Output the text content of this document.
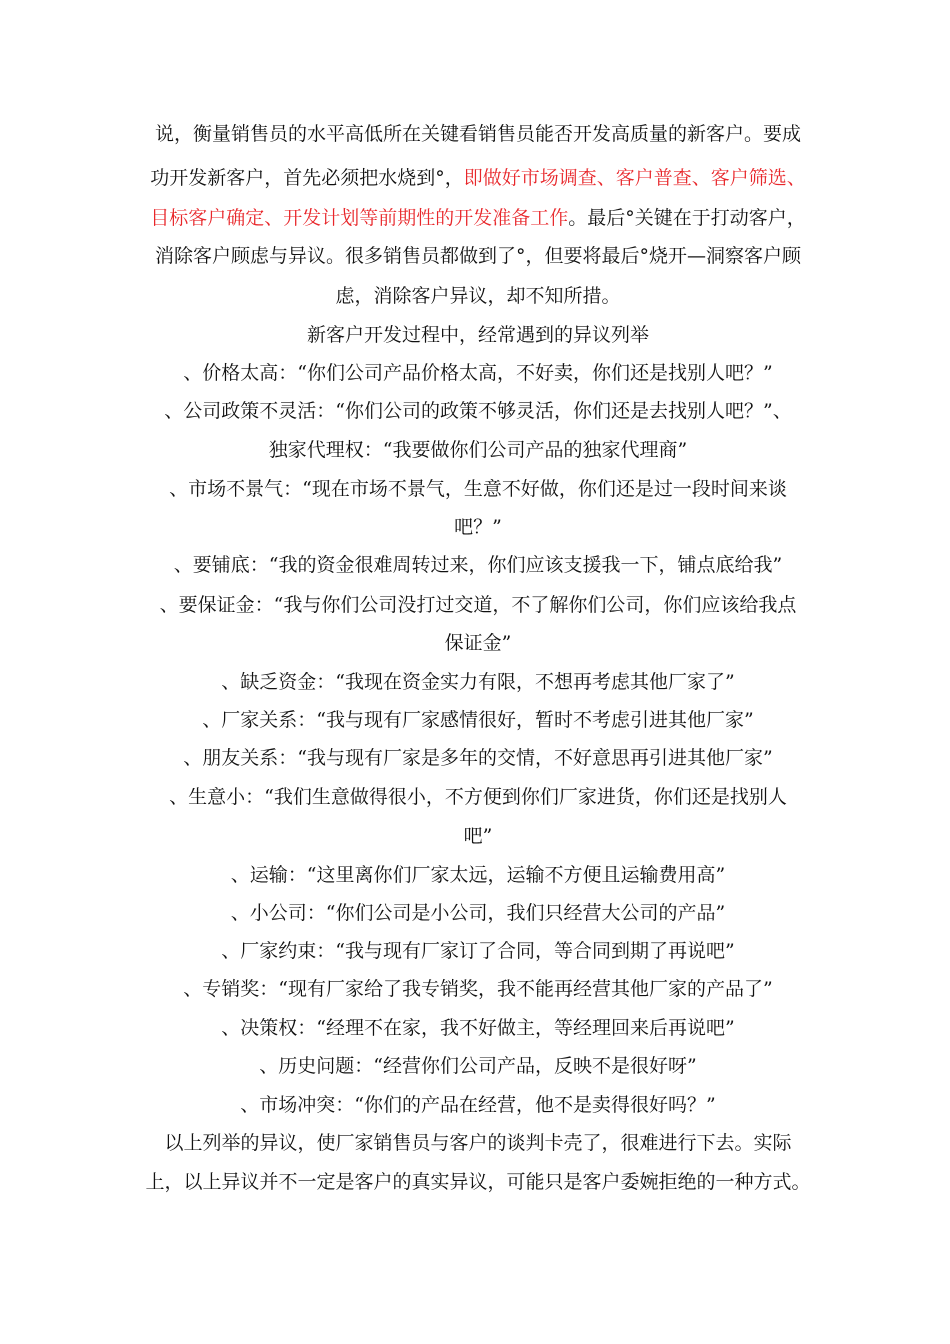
说，衡量销售员的水平高低所在关键看销售员能否开发高质量的新客户。要成
功开发新客户，首先必须把水烧到°，即做好市场调查、客户普查、客户筛选、
目标客户确定、开发计划等前期性的开发准备工作。最后°关键在于打动客户，
消除客户顾虑与异议。很多销售员都做到了°，但要将最后°烧开—洞察客户顾
虑，消除客户异议，却不知所措。
新客户开发过程中，经常遇到的异议列举
、价格太高：“你们公司产品价格太高，不好卖，你们还是找别人吧？”
、公司政策不灵活：“你们公司的政策不够灵活，你们还是去找别人吧？”、
独家代理权：“我要做你们公司产品的独家代理商”
、市场不景气：“现在市场不景气，生意不好做，你们还是过一段时间来谈
吧？”
、要铺底：“我的资金很难周转过来，你们应该支援我一下，铺点底给我”
、要保证金：“我与你们公司没打过交道，不了解你们公司，你们应该给我点
保证金”
、缺乏资金：“我现在资金实力有限，不想再考虑其他厂家了”
、厂家关系：“我与现有厂家感情很好，暂时不考虑引进其他厂家”
、朋友关系：“我与现有厂家是多年的交情，不好意思再引进其他厂家”
、生意小：“我们生意做得很小，不方便到你们厂家进货，你们还是找别人
吧”
、运输：“这里离你们厂家太远，运输不方便且运输费用高”
、小公司：“你们公司是小公司，我们只经营大公司的产品”
、厂家约束：“我与现有厂家订了合同，等合同到期了再说吧”
、专销奖：“现有厂家给了我专销奖，我不能再经营其他厂家的产品了”
、决策权：“经理不在家，我不好做主，等经理回来后再说吧”
、历史问题：“经营你们公司产品，反映不是很好呀”
、市场冲突：“你们的产品在经营，他不是卖得很好吗？”
以上列举的异议，使厂家销售员与客户的谈判卡壳了，很难进行下去。实际
上，以上异议并不一定是客户的真实异议，可能只是客户委婉拒绝的一种方式。
